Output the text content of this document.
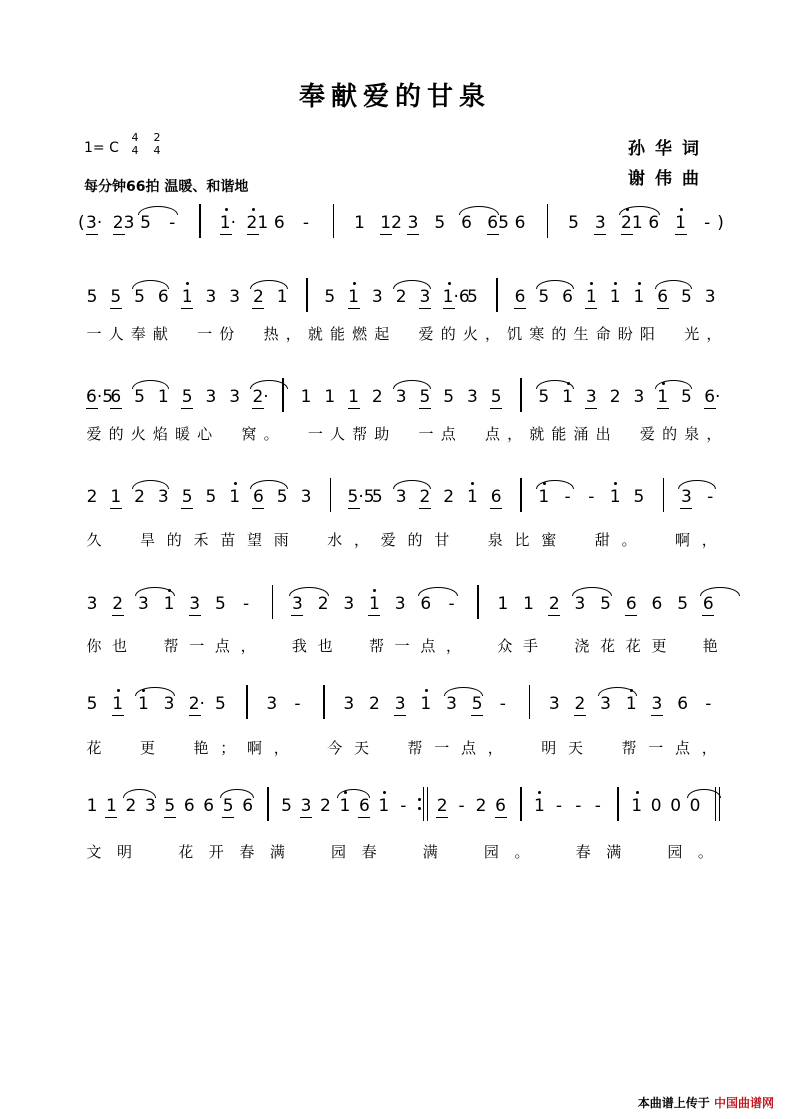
奉献爱的甘泉
1= C
4
4
2
4
每分钟66拍 温暖、和谐地
孙华词
谢伟曲
( 3· 23 5 -	1· 21 6 -	1 12 3 5 6 65 6	5 3 21 6 1 - )
5 5 5 6 1 3 3 2 1 5 1 3 2 3 1·6
5 6 5 6 1 1 1 6 5 3
一 人 奉 献 一 份 热 ， 就 能 燃 起 爱 的 火 ， 饥 寒 的 生 命 盼 阳 光 ，
6·5
6 5 1 5 3 3 2· 1 1 1 2 3 5 5 3 5 5 1 3 2 3 1 5 6·
爱 的 火 焰 暖 心 窝 。 一 人 帮 助 一 点 点 ， 就 能 涌 出 爱 的 泉 ，
2 1 2 3 5 5 1 6 5 3 5·5
5 3 2 2 1 6 1 - - 1 5 3 -
久	旱 的 禾 苗 望 雨	水 ， 爱 的 甘	泉 比 蜜	甜 。	啊 ，
3 2 3 1 3 5 -	3 2 3 1 3 6 -	1 1 2 3 5 6 6 5 6
你 也 帮 一 点 ， 我 也 帮 一 点 ， 众 手 浇 花 花 更 艳
5 1 1 3 2· 5 3 -	3 2 3 1 3 5 -	3 2 3 1 3 6 -
花	更	艳 ； 啊 ，	今 天	帮 一 点 ，	明 天	帮 一 点 ，
1 1 2 3 5 6 6 5 6 5 3 2 1 6 1 - 2 - 2 6 1 - - - 1 0 0 0
文 明	花 开 春 满	园 春	满	园 。	春 满	园 。
本曲谱上传于 中国曲谱网
